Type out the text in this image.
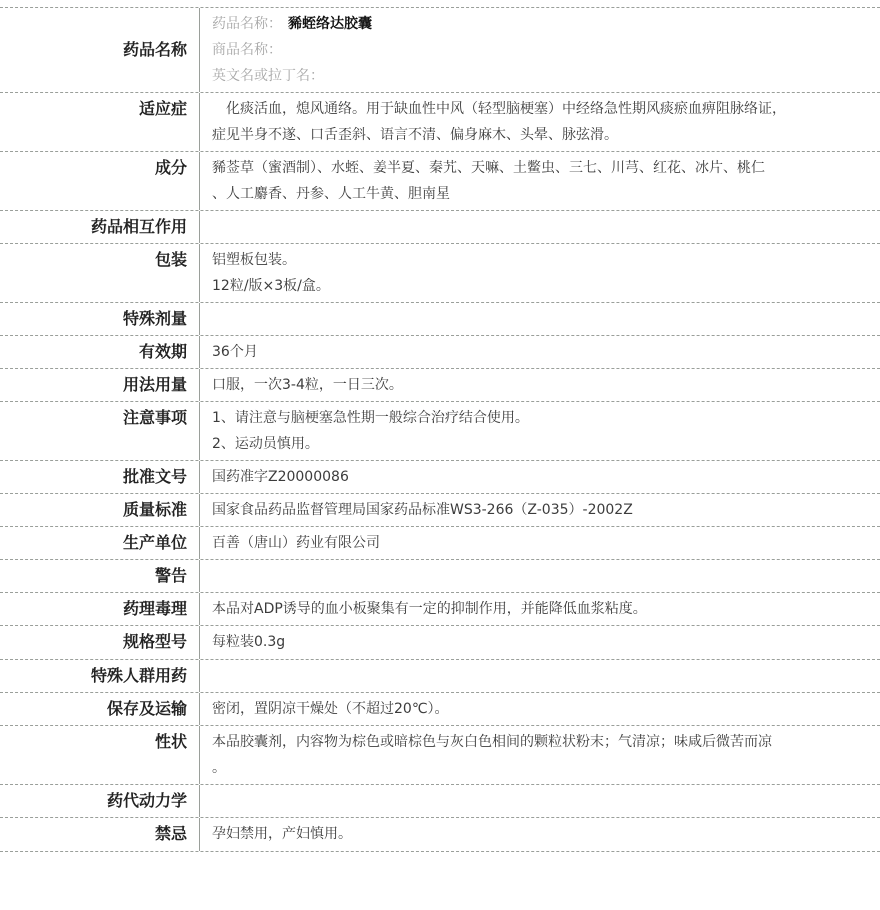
药品名称
药品名称： 豨蛭络达胶囊
商品名称：
英文名或拉丁名：
适应症	　化痰活血，熄风通络。用于缺血性中风（轻型脑梗塞）中经络急性期风痰瘀血痹阻脉络证，
症见半身不遂、口舌歪斜、语言不清、偏身麻木、头晕、脉弦滑。
成分	豨莶草（蜜酒制）、水蛭、姜半夏、秦艽、天嘛、土鳖虫、三七、川芎、红花、冰片、桃仁
、人工麝香、丹参、人工牛黄、胆南星
药品相互作用
包装	铝塑板包装。
12粒/版×3板/盒。
特殊剂量
有效期	36个月
用法用量	口服，一次3-4粒，一日三次。
注意事项	1、请注意与脑梗塞急性期一般综合治疗结合使用。
2、运动员慎用。
批准文号	国药准字Z20000086
质量标准	国家食品药品监督管理局国家药品标准WS3-266（Z-035）-2002Z
生产单位	百善（唐山）药业有限公司
警告
药理毒理	本品对ADP诱导的血小板聚集有一定的抑制作用，并能降低血浆粘度。
规格型号	每粒装0.3g
特殊人群用药
保存及运输	密闭，置阴凉干燥处（不超过20℃）。
性状	本品胶囊剂，内容物为棕色或暗棕色与灰白色相间的颗粒状粉末；气清凉；味咸后微苦而凉
。
药代动力学
禁忌	孕妇禁用，产妇慎用。
